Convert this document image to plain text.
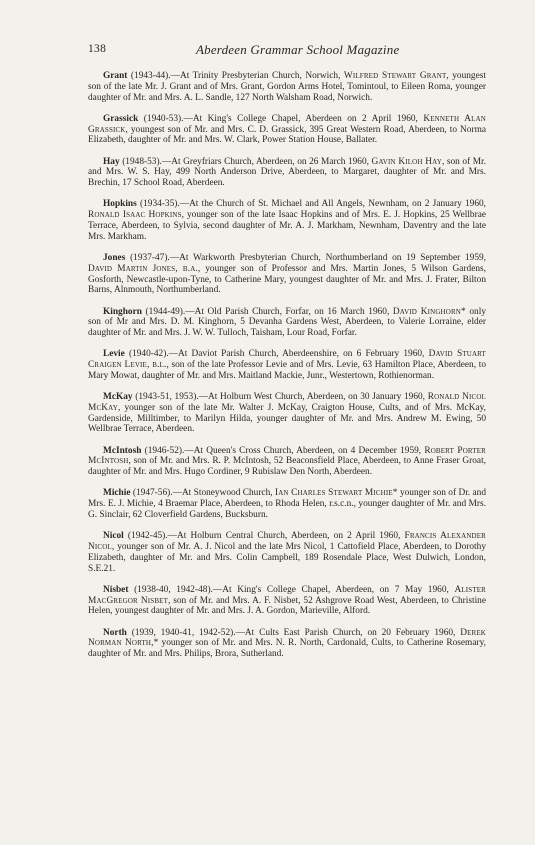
138	Aberdeen Grammar School Magazine

Grant (1943-44).—At Trinity Presbyterian Church, Norwich, Wilfred Stewart Grant, youngest son of the late Mr. J. Grant and of Mrs. Grant, Gordon Arms Hotel, Tomintoul, to Eileen Roma, younger daughter of Mr. and Mrs. A. L. Sandle, 127 North Walsham Road, Norwich.

Grassick (1940-53).—At King's College Chapel, Aberdeen on 2 April 1960, Kenneth Alan Grassick, youngest son of Mr. and Mrs. C. D. Grassick, 395 Great Western Road, Aberdeen, to Norma Elizabeth, daughter of Mr. and Mrs. W. Clark, Power Station House, Ballater.

Hay (1948-53).—At Greyfriars Church, Aberdeen, on 26 March 1960, Gavin Kiloh Hay, son of Mr. and Mrs. W. S. Hay, 499 North Anderson Drive, Aberdeen, to Margaret, daughter of Mr. and Mrs. Brechin, 17 School Road, Aberdeen.

Hopkins (1934-35).—At the Church of St. Michael and All Angels, Newnham, on 2 January 1960, Ronald Isaac Hopkins, younger son of the late Isaac Hopkins and of Mrs. E. J. Hopkins, 25 Wellbrae Terrace, Aberdeen, to Sylvia, second daughter of Mr. A. J. Markham, Newnham, Daventry and the late Mrs. Markham.

Jones (1937-47).—At Warkworth Presbyterian Church, Northumberland on 19 September 1959, David Martin Jones, b.a., younger son of Professor and Mrs. Martin Jones, 5 Wilson Gardens, Gosforth, Newcastle-upon-Tyne, to Catherine Mary, youngest daughter of Mr. and Mrs. J. Frater, Bilton Barns, Alnmouth, Northumberland.

Kinghorn (1944-49).—At Old Parish Church, Forfar, on 16 March 1960, David Kinghorn* only son of Mr and Mrs. D. M. Kinghorn, 5 Devanha Gardens West, Aberdeen, to Valerie Lorraine, elder daughter of Mr. and Mrs. J. W. W. Tulloch, Taisham, Lour Road, Forfar.

Levie (1940-42).—At Daviot Parish Church, Aberdeenshire, on 6 February 1960, David Stuart Craigen Levie, b.l., son of the late Professor Levie and of Mrs. Levie, 63 Hamilton Place, Aberdeen, to Mary Mowat, daughter of Mr. and Mrs. Maitland Mackie, Junr., Westertown, Rothienorman.

McKay (1943-51, 1953).—At Holburn West Church, Aberdeen, on 30 January 1960, Ronald Nicol McKay, younger son of the late Mr. Walter J. McKay, Craigton House, Cults, and of Mrs. McKay, Gardenside, Milltimber, to Marilyn Hilda, younger daughter of Mr. and Mrs. Andrew M. Ewing, 50 Wellbrae Terrace, Aberdeen.

McIntosh (1946-52).—At Queen's Cross Church, Aberdeen, on 4 December 1959, Robert Porter McIntosh, son of Mr. and Mrs. R. P. McIntosh, 52 Beaconsfield Place, Aberdeen, to Anne Fraser Groat, daughter of Mr. and Mrs. Hugo Cordiner, 9 Rubislaw Den North, Aberdeen.

Michie (1947-56).—At Stoneywood Church, Ian Charles Stewart Michie* younger son of Dr. and Mrs. E. J. Michie, 4 Braemar Place, Aberdeen, to Rhoda Helen, r.s.c.n., younger daughter of Mr. and Mrs. G. Sinclair, 62 Cloverfield Gardens, Bucksburn.

Nicol (1942-45).—At Holburn Central Church, Aberdeen, on 2 April 1960, Francis Alexander Nicol, younger son of Mr. A. J. Nicol and the late Mrs Nicol, 1 Cattofield Place, Aberdeen, to Dorothy Elizabeth, daughter of Mr. and Mrs. Colin Campbell, 189 Rosendale Place, West Dulwich, London, S.E.21.

Nisbet (1938-40, 1942-48).—At King's College Chapel, Aberdeen, on 7 May 1960, Alister MacGregor Nisbet, son of Mr. and Mrs. A. F. Nisbet, 52 Ashgrove Road West, Aberdeen, to Christine Helen, youngest daughter of Mr. and Mrs. J. A. Gordon, Marieville, Alford.

North (1939, 1940-41, 1942-52).—At Cults East Parish Church, on 20 February 1960, Derek Norman North,* younger son of Mr. and Mrs. N. R. North, Cardonald, Cults, to Catherine Rosemary, daughter of Mr. and Mrs. Philips, Brora, Sutherland.
